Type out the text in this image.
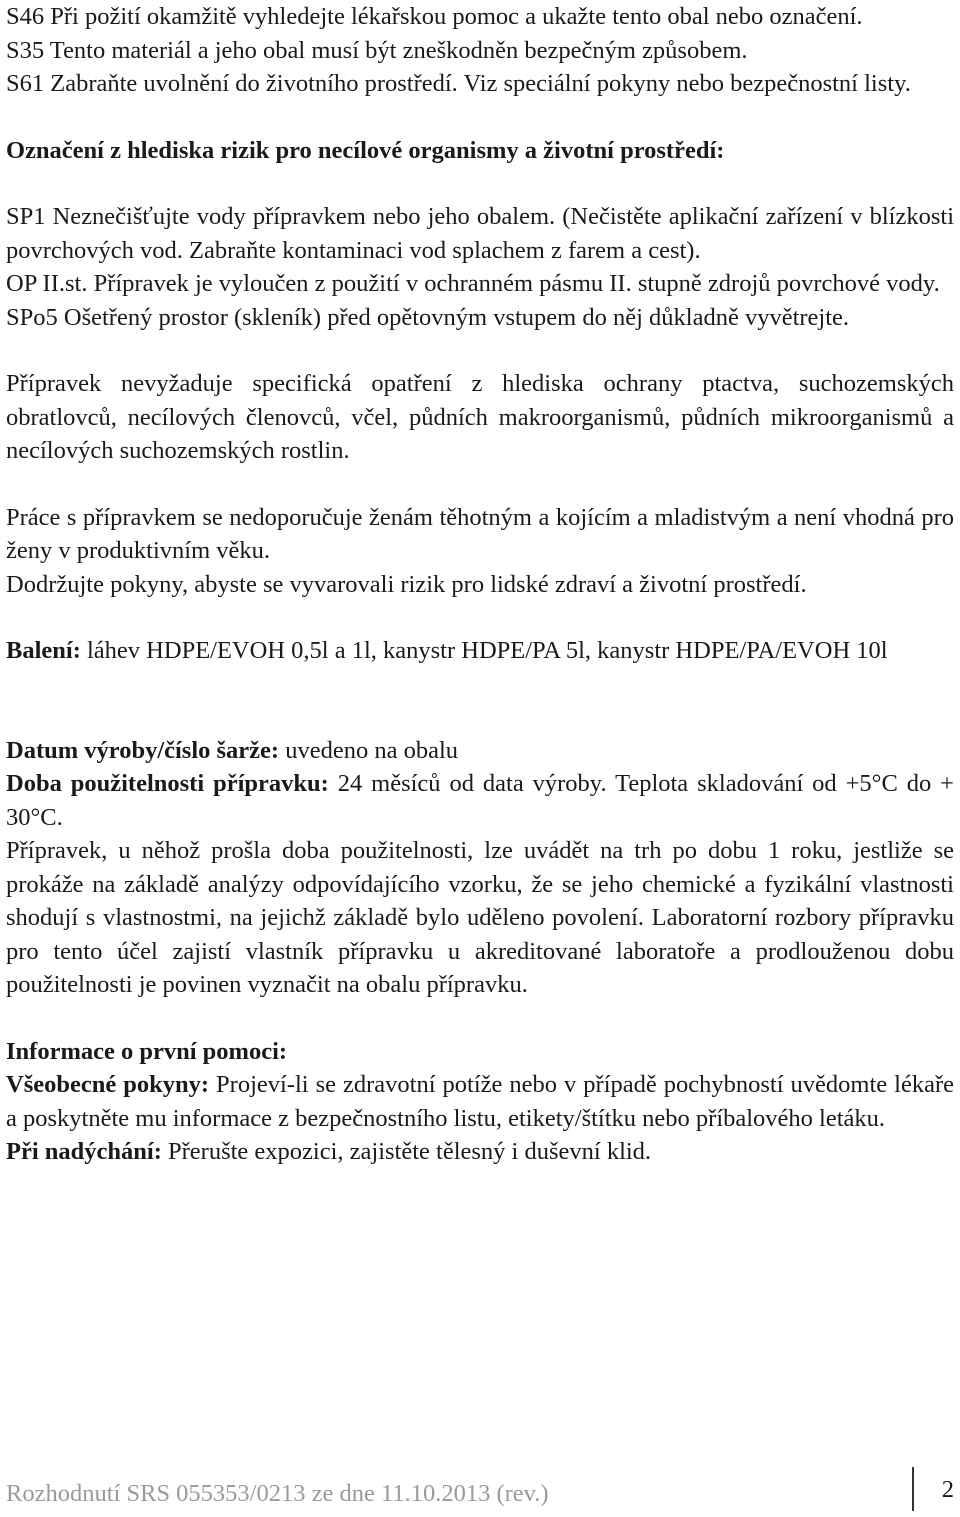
S46 Při požití okamžitě vyhledejte lékařskou pomoc a ukažte tento obal nebo označení.

S35 Tento materiál a jeho obal musí být zneškodněn bezpečným způsobem.

S61 Zabraňte uvolnění do životního prostředí. Viz speciální pokyny nebo bezpečnostní listy.

Označení z hlediska rizik pro necílové organismy a životní prostředí:

SP1 Neznečišťujte vody přípravkem nebo jeho obalem. (Nečistěte aplikační zařízení v blízkosti povrchových vod. Zabraňte kontaminaci vod splachem z farem a cest).

OP II.st. Přípravek je vyloučen z použití v ochranném pásmu II. stupně zdrojů povrchové vody.

SPo5 Ošetřený prostor (skleník) před opětovným vstupem do něj důkladně vyvětrejte.

Přípravek nevyžaduje specifická opatření z hlediska ochrany ptactva, suchozemských obratlovců, necílových členovců, včel, půdních makroorganismů, půdních mikroorganismů a necílových suchozemských rostlin.

Práce s přípravkem se nedoporučuje ženám těhotným a kojícím a mladistvým a není vhodná pro ženy v produktivním věku.

Dodržujte pokyny, abyste se vyvarovali rizik pro lidské zdraví a životní prostředí.

Balení: láhev HDPE/EVOH 0,5l a 1l, kanystr HDPE/PA 5l, kanystr HDPE/PA/EVOH 10l

Datum výroby/číslo šarže: uvedeno na obalu

Doba použitelnosti přípravku: 24 měsíců od data výroby. Teplota skladování od +5°C do + 30°C.

Přípravek, u něhož prošla doba použitelnosti, lze uvádět na trh po dobu 1 roku, jestliže se prokáže na základě analýzy odpovídajícího vzorku, že se jeho chemické a fyzikální vlastnosti shodují s vlastnostmi, na jejichž základě bylo uděleno povolení. Laboratorní rozbory přípravku pro tento účel zajistí vlastník přípravku u akreditované laboratoře a prodlouženou dobu použitelnosti je povinen vyznačit na obalu přípravku.

Informace o první pomoci:

Všeobecné pokyny: Projeví-li se zdravotní potíže nebo v případě pochybností uvědomte lékaře a poskytněte mu informace z bezpečnostního listu, etikety/štítku nebo příbalového letáku.

Při nadýchání: Přerušte expozici, zajistěte tělesný i duševní klid.

Rozhodnutí SRS 055353/0213 ze dne 11.10.2013 (rev.)	2
